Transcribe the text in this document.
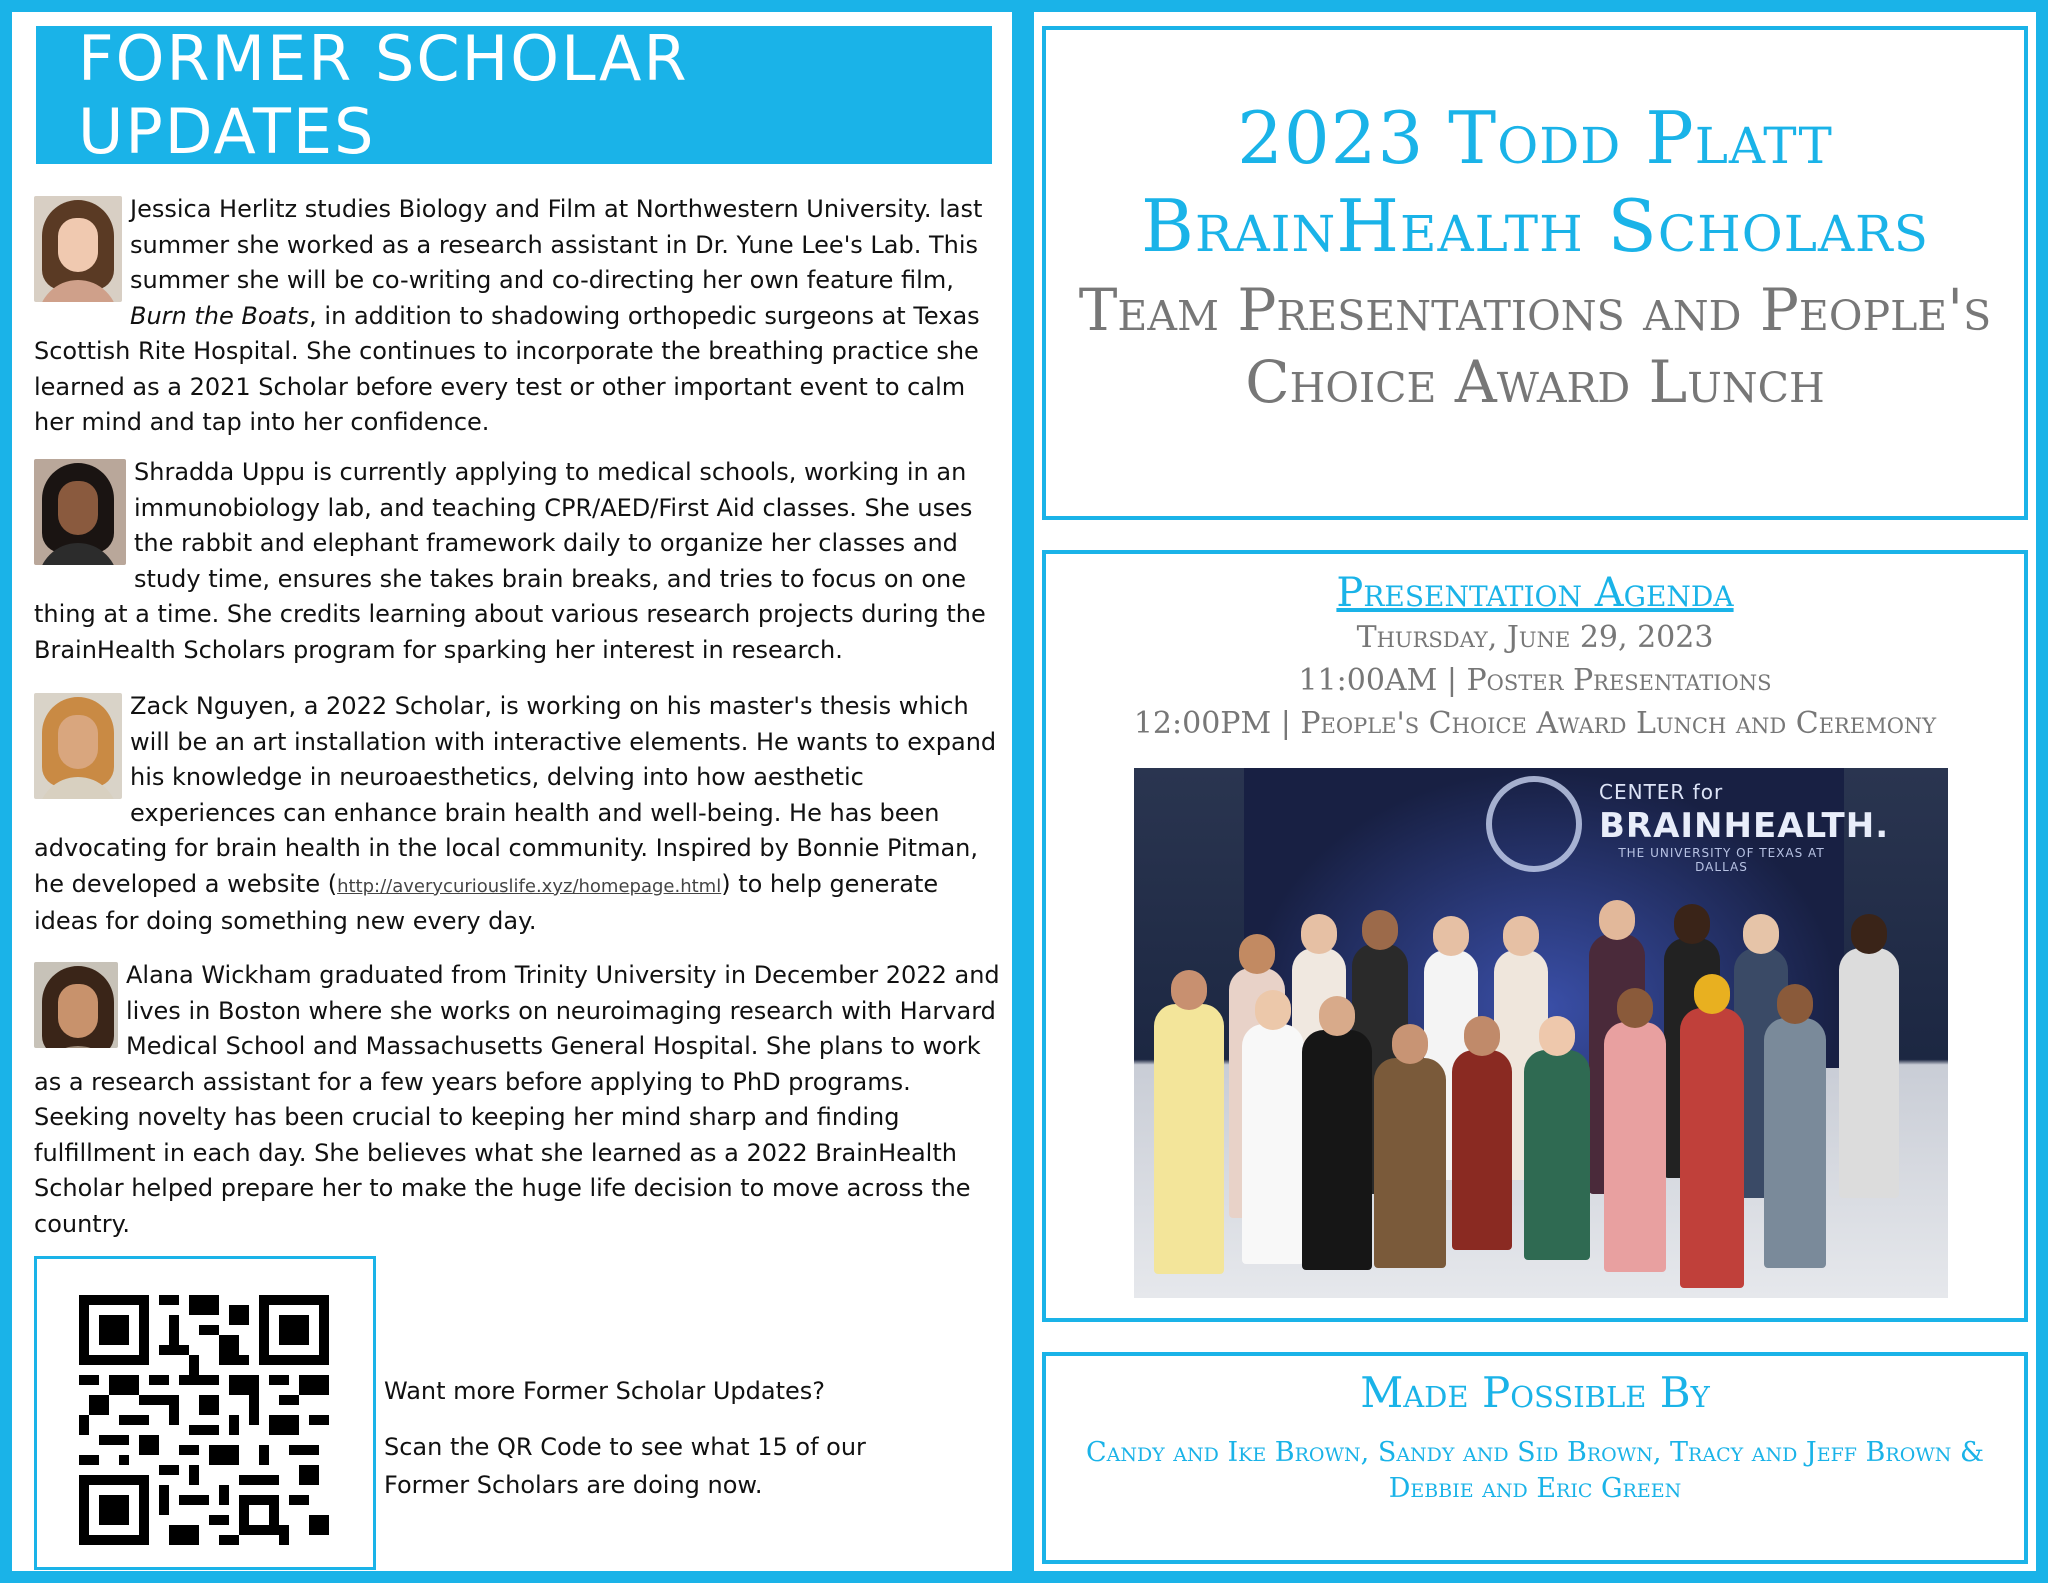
FORMER SCHOLAR UPDATES
Jessica Herlitz studies Biology and Film at Northwestern University. last summer she worked as a research assistant in Dr. Yune Lee's Lab. This summer she will be co-writing and co-directing her own feature film, Burn the Boats, in addition to shadowing orthopedic surgeons at Texas Scottish Rite Hospital. She continues to incorporate the breathing practice she learned as a 2021 Scholar before every test or other important event to calm her mind and tap into her confidence.
Shradda Uppu is currently applying to medical schools, working in an immunobiology lab, and teaching CPR/AED/First Aid classes. She uses the rabbit and elephant framework daily to organize her classes and study time, ensures she takes brain breaks, and tries to focus on one thing at a time. She credits learning about various research projects during the BrainHealth Scholars program for sparking her interest in research.
Zack Nguyen, a 2022 Scholar, is working on his master's thesis which will be an art installation with interactive elements. He wants to expand his knowledge in neuroaesthetics, delving into how aesthetic experiences can enhance brain health and well-being. He has been advocating for brain health in the local community. Inspired by Bonnie Pitman, he developed a website (http://averycuriouslife.xyz/homepage.html) to help generate ideas for doing something new every day.
Alana Wickham graduated from Trinity University in December 2022 and lives in Boston where she works on neuroimaging research with Harvard Medical School and Massachusetts General Hospital. She plans to work as a research assistant for a few years before applying to PhD programs. Seeking novelty has been crucial to keeping her mind sharp and finding fulfillment in each day. She believes what she learned as a 2022 BrainHealth Scholar helped prepare her to make the huge life decision to move across the country.

Want more Former Scholar Updates?

Scan the QR Code to see what 15 of our Former Scholars are doing now.

2023 Todd Platt
BrainHealth Scholars
Team Presentations and People's Choice Award Lunch
Presentation Agenda
Thursday, June 29, 2023
11:00AM | Poster Presentations
12:00PM | People's Choice Award Lunch and Ceremony
CENTER for
BRAINHEALTH.
THE UNIVERSITY OF TEXAS AT DALLAS
Made Possible By
Candy and Ike Brown, Sandy and Sid Brown, Tracy and Jeff Brown & Debbie and Eric Green
